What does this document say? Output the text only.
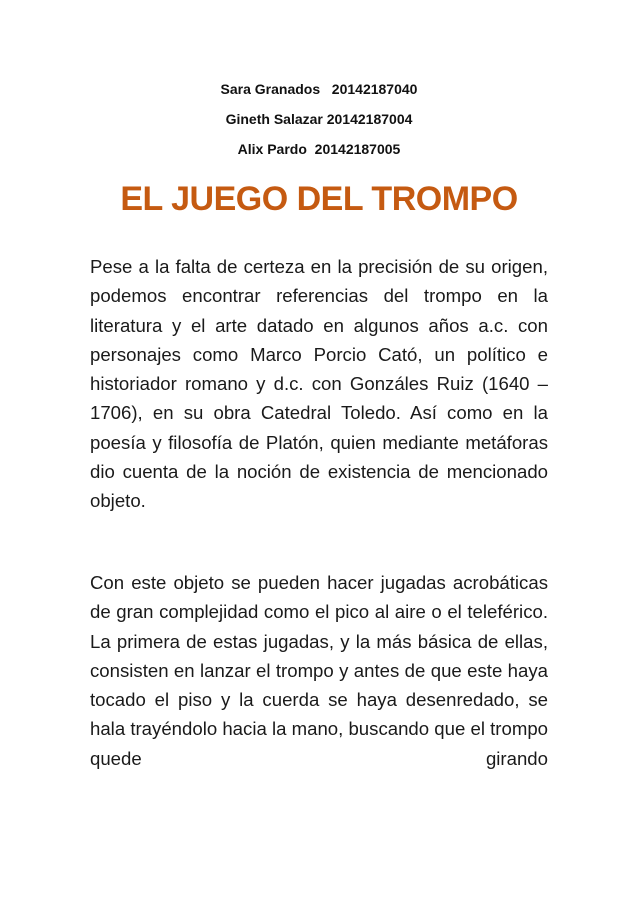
Sara Granados   20142187040
Gineth Salazar 20142187004
Alix Pardo  20142187005
EL JUEGO DEL TROMPO

Pese a la falta de certeza en la precisión de su origen, podemos encontrar referencias del trompo en la literatura y el arte datado en algunos años a.c. con personajes como Marco Porcio Cató, un político e historiador romano y d.c. con Gonzáles Ruiz (1640 – 1706), en su obra Catedral Toledo. Así como en la poesía y filosofía de Platón, quien mediante metáforas dio cuenta de la noción de existencia de mencionado objeto.

Con este objeto se pueden hacer jugadas acrobáticas de gran complejidad como el pico al aire o el teleférico. La primera de estas jugadas, y la más básica de ellas, consisten en lanzar el trompo y antes de que este haya tocado el piso y la cuerda se haya desenredado, se hala trayéndolo hacia la mano, buscando que el trompo quede girando
